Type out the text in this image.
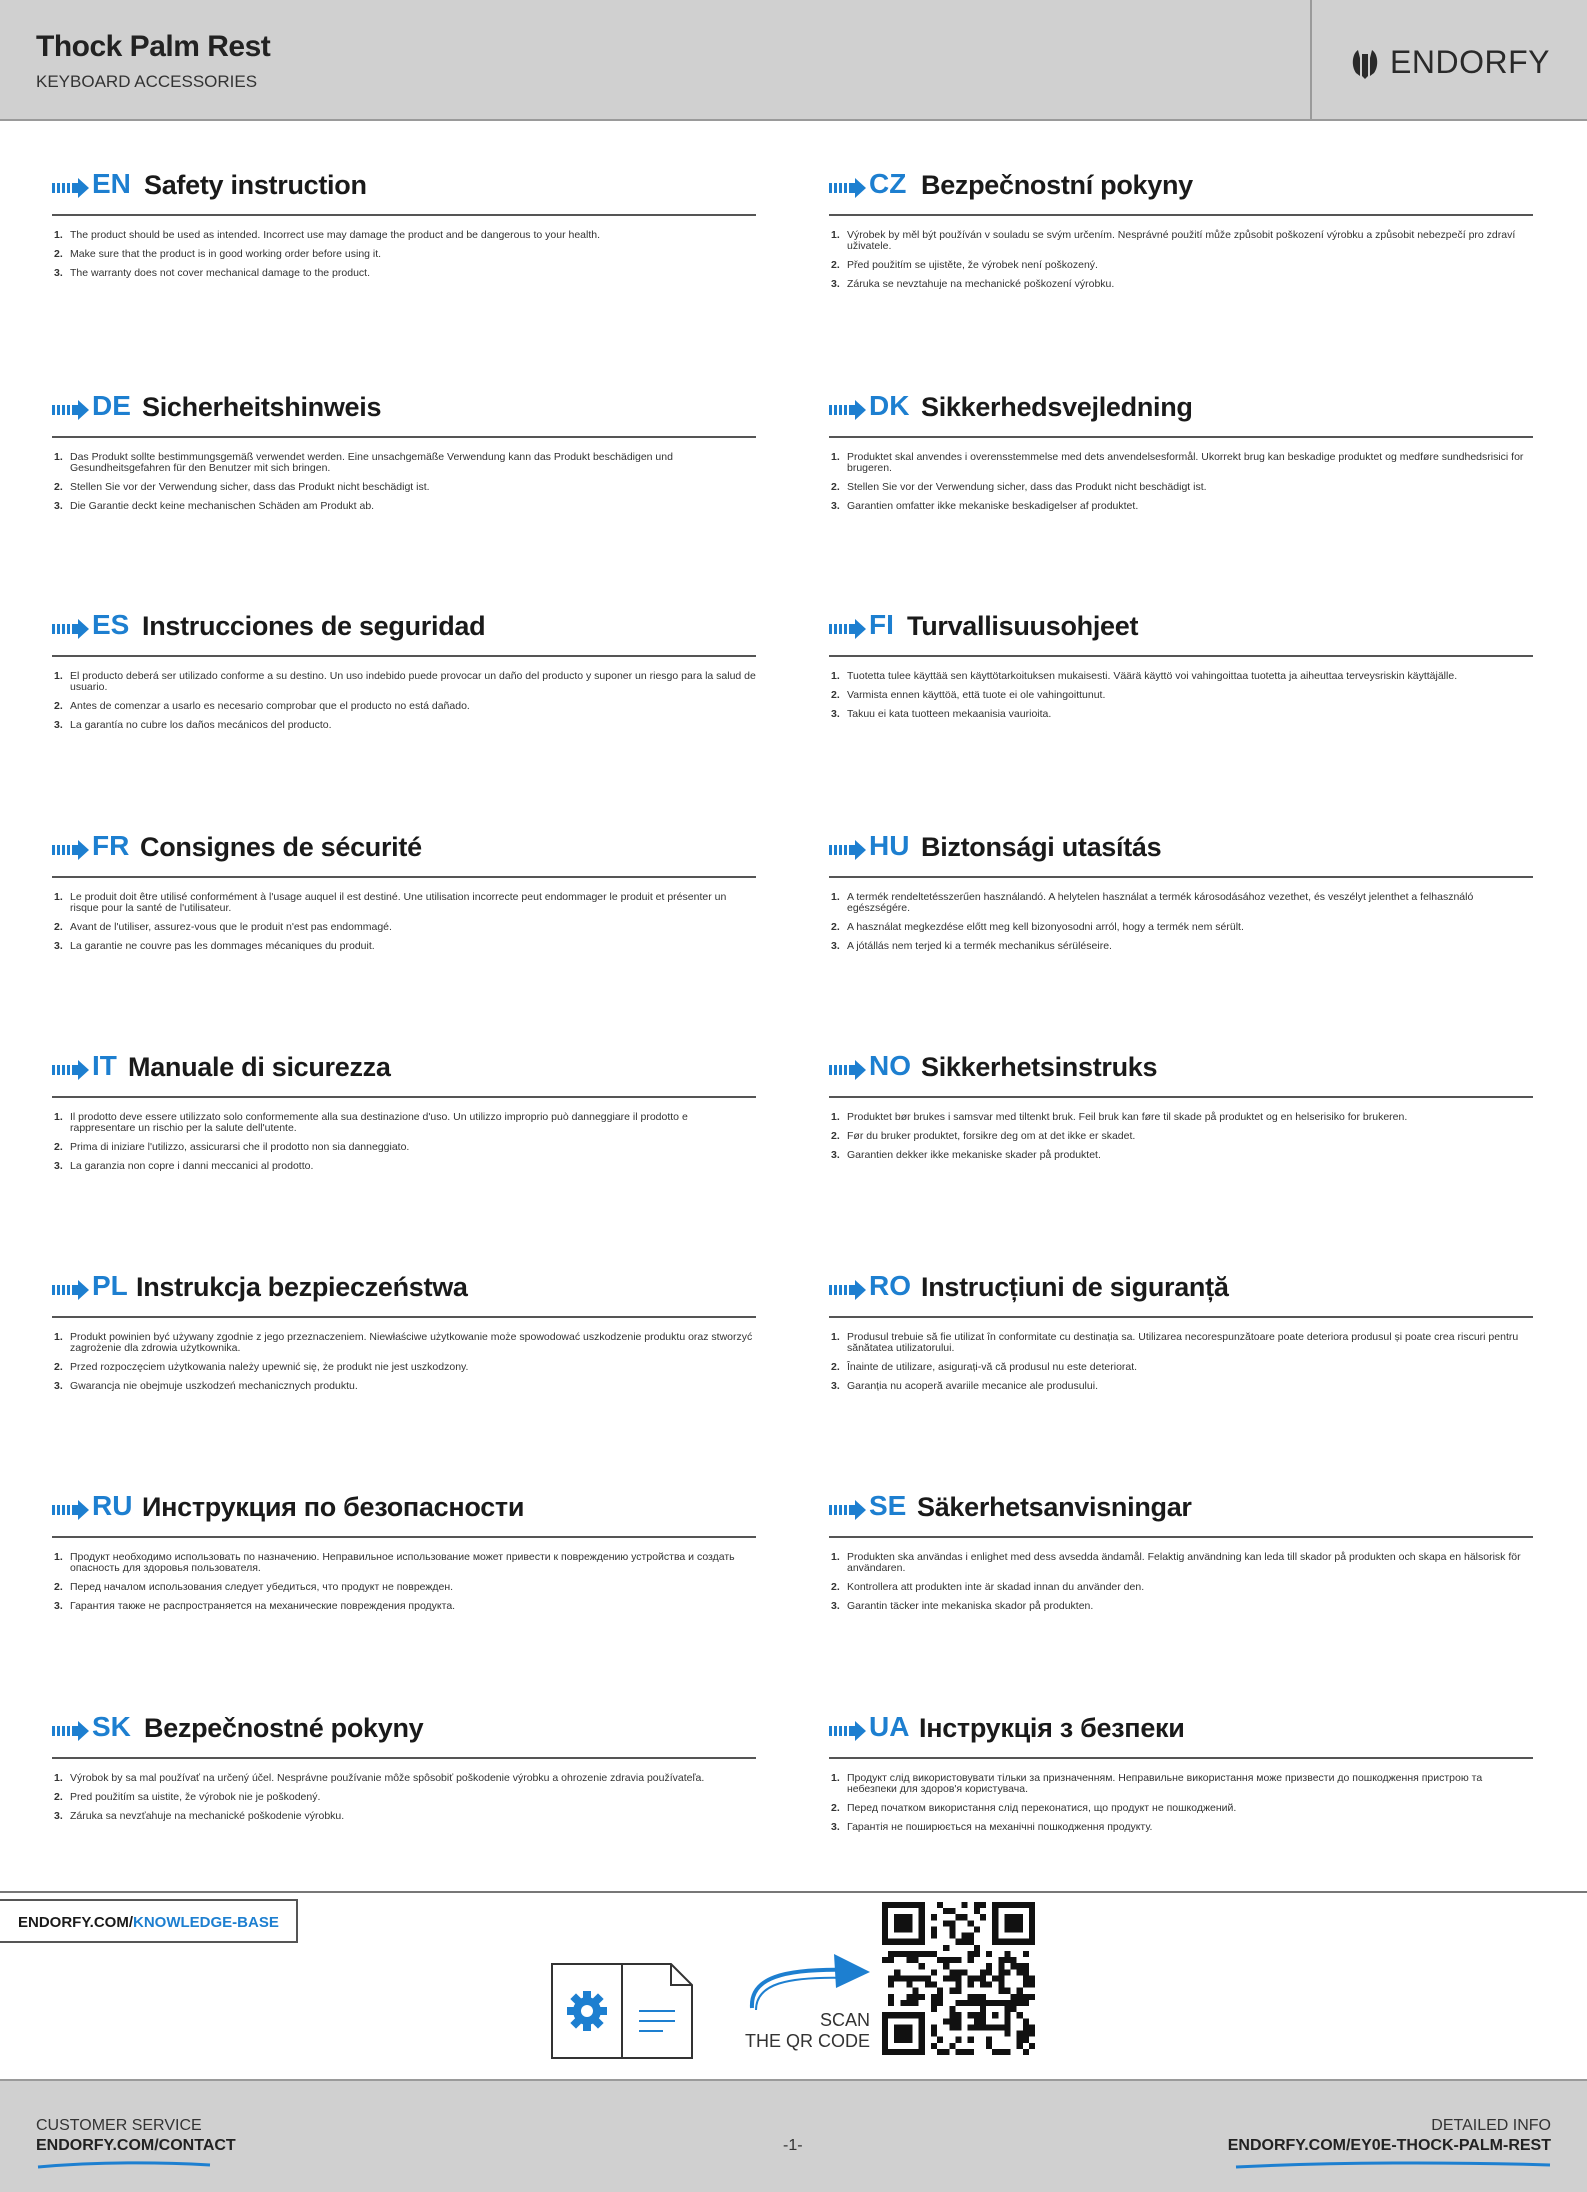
Thock Palm Rest
KEYBOARD ACCESSORIES
ENDORFY
EN Safety instruction
1. The product should be used as intended. Incorrect use may damage the product and be dangerous to your health.
2. Make sure that the product is in good working order before using it.
3. The warranty does not cover mechanical damage to the product.
CZ Bezpečnostní pokyny
1. Výrobek by měl být používán v souladu se svým určením. Nesprávné použití může způsobit poškození výrobku a způsobit nebezpečí pro zdraví uživatele.
2. Před použitím se ujistěte, že výrobek není poškozený.
3. Záruka se nevztahuje na mechanické poškození výrobku.
DE Sicherheitshinweis
1. Das Produkt sollte bestimmungsgemäß verwendet werden. Eine unsachgemäße Verwendung kann das Produkt beschädigen und Gesundheitsgefahren für den Benutzer mit sich bringen.
2. Stellen Sie vor der Verwendung sicher, dass das Produkt nicht beschädigt ist.
3. Die Garantie deckt keine mechanischen Schäden am Produkt ab.
DK Sikkerhedsvejledning
1. Produktet skal anvendes i overensstemmelse med dets anvendelsesformål. Ukorrekt brug kan beskadige produktet og medføre sundhedsrisici for brugeren.
2. Stellen Sie vor der Verwendung sicher, dass das Produkt nicht beschädigt ist.
3. Garantien omfatter ikke mekaniske beskadigelser af produktet.
ES Instrucciones de seguridad
1. El producto deberá ser utilizado conforme a su destino. Un uso indebido puede provocar un daño del producto y suponer un riesgo para la salud de usuario.
2. Antes de comenzar a usarlo es necesario comprobar que el producto no está dañado.
3. La garantía no cubre los daños mecánicos del producto.
FI Turvallisuusohjeet
1. Tuotetta tulee käyttää sen käyttötarkoituksen mukaisesti. Väärä käyttö voi vahingoittaa tuotetta ja aiheuttaa terveysriskin käyttäjälle.
2. Varmista ennen käyttöä, että tuote ei ole vahingoittunut.
3. Takuu ei kata tuotteen mekaanisia vaurioita.
FR Consignes de sécurité
1. Le produit doit être utilisé conformément à l'usage auquel il est destiné. Une utilisation incorrecte peut endommager le produit et présenter un risque pour la santé de l'utilisateur.
2. Avant de l'utiliser, assurez-vous que le produit n'est pas endommagé.
3. La garantie ne couvre pas les dommages mécaniques du produit.
HU Biztonsági utasítás
1. A termék rendeltetésszerűen használandó. A helytelen használat a termék károsodásához vezethet, és veszélyt jelenthet a felhasználó egészségére.
2. A használat megkezdése előtt meg kell bizonyosodni arról, hogy a termék nem sérült.
3. A jótállás nem terjed ki a termék mechanikus sérüléseire.
IT Manuale di sicurezza
1. Il prodotto deve essere utilizzato solo conformemente alla sua destinazione d'uso. Un utilizzo improprio può danneggiare il prodotto e rappresentare un rischio per la salute dell'utente.
2. Prima di iniziare l'utilizzo, assicurarsi che il prodotto non sia danneggiato.
3. La garanzia non copre i danni meccanici al prodotto.
NO Sikkerhetsinstruks
1. Produktet bør brukes i samsvar med tiltenkt bruk. Feil bruk kan føre til skade på produktet og en helserisiko for brukeren.
2. Før du bruker produktet, forsikre deg om at det ikke er skadet.
3. Garantien dekker ikke mekaniske skader på produktet.
PL Instrukcja bezpieczeństwa
1. Produkt powinien być używany zgodnie z jego przeznaczeniem. Niewłaściwe użytkowanie może spowodować uszkodzenie produktu oraz stworzyć zagrożenie dla zdrowia użytkownika.
2. Przed rozpoczęciem użytkowania należy upewnić się, że produkt nie jest uszkodzony.
3. Gwarancja nie obejmuje uszkodzeń mechanicznych produktu.
RO Instrucțiuni de siguranță
1. Produsul trebuie să fie utilizat în conformitate cu destinația sa. Utilizarea necorespunzătoare poate deteriora produsul și poate crea riscuri pentru sănătatea utilizatorului.
2. Înainte de utilizare, asigurați-vă că produsul nu este deteriorat.
3. Garanția nu acoperă avariile mecanice ale produsului.
RU Инструкция по безопасности
1. Продукт необходимо использовать по назначению. Неправильное использование может привести к повреждению устройства и создать опасность для здоровья пользователя.
2. Перед началом использования следует убедиться, что продукт не поврежден.
3. Гарантия также не распространяется на механические повреждения продукта.
SE Säkerhetsanvisningar
1. Produkten ska användas i enlighet med dess avsedda ändamål. Felaktig användning kan leda till skador på produkten och skapa en hälsorisk för användaren.
2. Kontrollera att produkten inte är skadad innan du använder den.
3. Garantin täcker inte mekaniska skador på produkten.
SK Bezpečnostné pokyny
1. Výrobok by sa mal používať na určený účel. Nesprávne používanie môže spôsobiť poškodenie výrobku a ohrozenie zdravia používateľa.
2. Pred použitím sa uistite, že výrobok nie je poškodený.
3. Záruka sa nevzťahuje na mechanické poškodenie výrobku.
UA Інструкція з безпеки
1. Продукт слід використовувати тільки за призначенням. Неправильне використання може призвести до пошкодження пристрою та небезпеки для здоров'я користувача.
2. Перед початком використання слід переконатися, що продукт не пошкоджений.
3. Гарантія не поширюється на механічні пошкодження продукту.
ENDORFY.COM/KNOWLEDGE-BASE
SCAN
THE QR CODE
CUSTOMER SERVICE
ENDORFY.COM/CONTACT	-1-
DETAILED INFO
ENDORFY.COM/EY0E-THOCK-PALM-REST
